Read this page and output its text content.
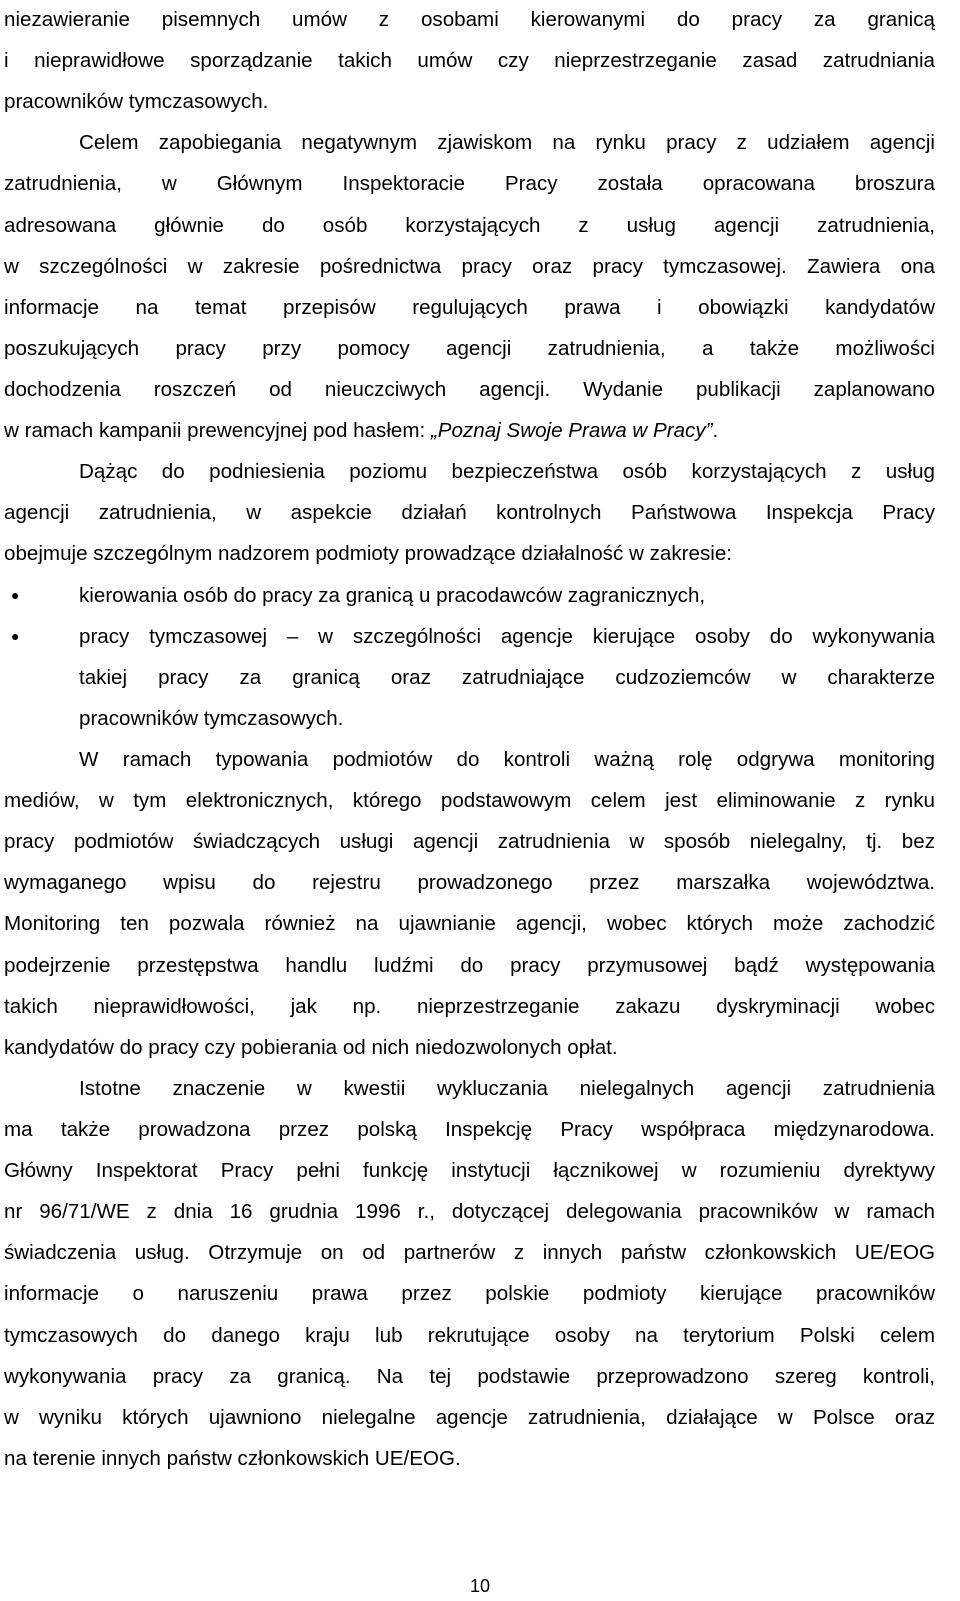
niezawieranie pisemnych umów z osobami kierowanymi do pracy za granicą
i nieprawidłowe sporządzanie takich umów czy nieprzestrzeganie zasad zatrudniania
pracowników tymczasowych.
Celem zapobiegania negatywnym zjawiskom na rynku pracy z udziałem agencji
zatrudnienia, w Głównym Inspektoracie Pracy została opracowana broszura
adresowana głównie do osób korzystających z usług agencji zatrudnienia,
w szczególności w zakresie pośrednictwa pracy oraz pracy tymczasowej. Zawiera ona
informacje na temat przepisów regulujących prawa i obowiązki kandydatów
poszukujących pracy przy pomocy agencji zatrudnienia, a także możliwości
dochodzenia roszczeń od nieuczciwych agencji. Wydanie publikacji zaplanowano
w ramach kampanii prewencyjnej pod hasłem: „Poznaj Swoje Prawa w Pracy”.
Dążąc do podniesienia poziomu bezpieczeństwa osób korzystających z usług
agencji zatrudnienia, w aspekcie działań kontrolnych Państwowa Inspekcja Pracy
obejmuje szczególnym nadzorem podmioty prowadzące działalność w zakresie:
●	kierowania osób do pracy za granicą u pracodawców zagranicznych,
●	pracy tymczasowej – w szczególności agencje kierujące osoby do wykonywania
takiej pracy za granicą oraz zatrudniające cudzoziemców w charakterze
pracowników tymczasowych.
W ramach typowania podmiotów do kontroli ważną rolę odgrywa monitoring
mediów, w tym elektronicznych, którego podstawowym celem jest eliminowanie z rynku
pracy podmiotów świadczących usługi agencji zatrudnienia w sposób nielegalny, tj. bez
wymaganego wpisu do rejestru prowadzonego przez marszałka województwa.
Monitoring ten pozwala również na ujawnianie agencji, wobec których może zachodzić
podejrzenie przestępstwa handlu ludźmi do pracy przymusowej bądź występowania
takich nieprawidłowości, jak np. nieprzestrzeganie zakazu dyskryminacji wobec
kandydatów do pracy czy pobierania od nich niedozwolonych opłat.
Istotne znaczenie w kwestii wykluczania nielegalnych agencji zatrudnienia
ma także prowadzona przez polską Inspekcję Pracy współpraca międzynarodowa.
Główny Inspektorat Pracy pełni funkcję instytucji łącznikowej w rozumieniu dyrektywy
nr 96/71/WE z dnia 16 grudnia 1996 r., dotyczącej delegowania pracowników w ramach
świadczenia usług. Otrzymuje on od partnerów z innych państw członkowskich UE/EOG
informacje o naruszeniu prawa przez polskie podmioty kierujące pracowników
tymczasowych do danego kraju lub rekrutujące osoby na terytorium Polski celem
wykonywania pracy za granicą. Na tej podstawie przeprowadzono szereg kontroli,
w wyniku których ujawniono nielegalne agencje zatrudnienia, działające w Polsce oraz
na terenie innych państw członkowskich UE/EOG.
10
